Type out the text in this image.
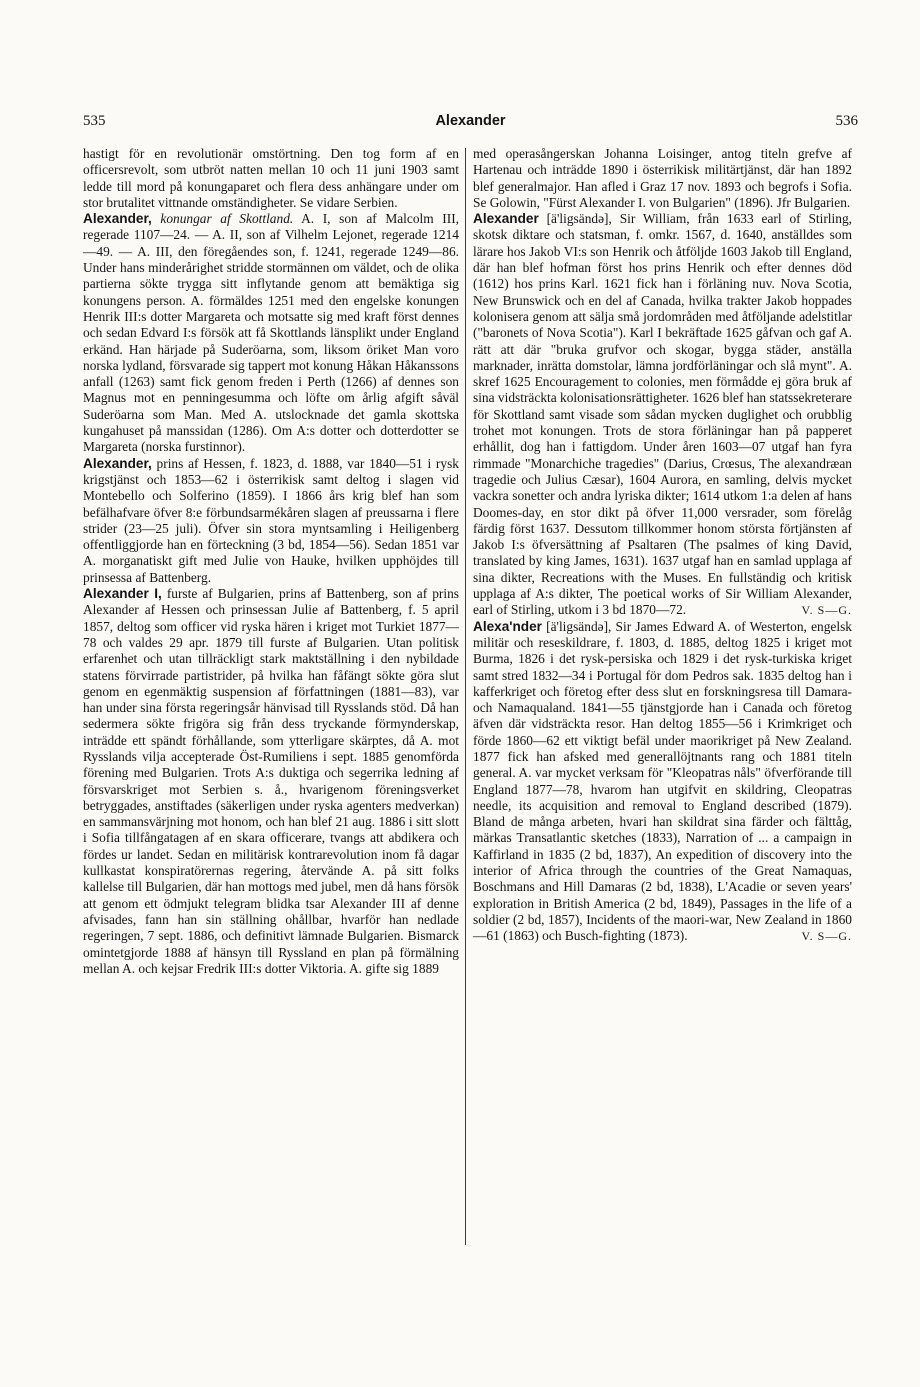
535	Alexander	536

hastigt för en revolutionär omstörtning. Den tog form af en officersrevolt, som utbröt natten mellan 10 och 11 juni 1903 samt ledde till mord på konungaparet och flera dess anhängare under om stor brutalitet vittnande omständigheter. Se vidare Serbien.

Alexander, konungar af Skottland. A. I, son af Malcolm III, regerade 1107—24. — A. II, son af Vilhelm Lejonet, regerade 1214—49. — A. III, den föregåendes son, f. 1241, regerade 1249—86. Under hans minderårighet stridde stormännen om väldet, och de olika partierna sökte trygga sitt inflytande genom att bemäktiga sig konungens person. A. förmäldes 1251 med den engelske konungen Henrik III:s dotter Margareta och motsatte sig med kraft först dennes och sedan Edvard I:s försök att få Skottlands länsplikt under England erkänd. Han härjade på Suderöarna, som, liksom öriket Man voro norska lydland, försvarade sig tappert mot konung Håkan Håkanssons anfall (1263) samt fick genom freden i Perth (1266) af dennes son Magnus mot en penningesumma och löfte om årlig afgift såväl Suderöarna som Man. Med A. utslocknade det gamla skottska kungahuset på manssidan (1286). Om A:s dotter och dotterdotter se Margareta (norska furstinnor).

Alexander, prins af Hessen, f. 1823, d. 1888, var 1840—51 i rysk krigstjänst och 1853—62 i österrikisk samt deltog i slagen vid Montebello och Solferino (1859). I 1866 års krig blef han som befälhafvare öfver 8:e förbundsarmékåren slagen af preussarna i flere strider (23—25 juli). Öfver sin stora myntsamling i Heiligenberg offentliggjorde han en förteckning (3 bd, 1854—56). Sedan 1851 var A. morganatiskt gift med Julie von Hauke, hvilken upphöjdes till prinsessa af Battenberg.

Alexander I, furste af Bulgarien, prins af Battenberg, son af prins Alexander af Hessen och prinsessan Julie af Battenberg, f. 5 april 1857, deltog som officer vid ryska hären i kriget mot Turkiet 1877—78 och valdes 29 apr. 1879 till furste af Bulgarien. Utan politisk erfarenhet och utan tillräckligt stark maktställning i den nybildade statens förvirrade partistrider, på hvilka han fåfängt sökte göra slut genom en egenmäktig suspension af författningen (1881—83), var han under sina första regeringsår hänvisad till Rysslands stöd. Då han sedermera sökte frigöra sig från dess tryckande förmynderskap, inträdde ett spändt förhållande, som ytterligare skärptes, då A. mot Rysslands vilja accepterade Öst-Rumiliens i sept. 1885 genomförda förening med Bulgarien. Trots A:s duktiga och segerrika ledning af försvarskriget mot Serbien s. å., hvarigenom föreningsverket betryggades, anstiftades (säkerligen under ryska agenters medverkan) en sammansvärjning mot honom, och han blef 21 aug. 1886 i sitt slott i Sofia tillfångatagen af en skara officerare, tvangs att abdikera och fördes ur landet. Sedan en militärisk kontrarevolution inom få dagar kullkastat konspiratörernas regering, återvände A. på sitt folks kallelse till Bulgarien, där han mottogs med jubel, men då hans försök att genom ett ödmjukt telegram blidka tsar Alexander III af denne afvisades, fann han sin ställning ohållbar, hvarför han nedlade regeringen, 7 sept. 1886, och definitivt lämnade Bulgarien. Bismarck omintetgjorde 1888 af hänsyn till Ryssland en plan på förmälning mellan A. och kejsar Fredrik III:s dotter Viktoria. A. gifte sig 1889

med operasångerskan Johanna Loisinger, antog titeln grefve af Hartenau och inträdde 1890 i österrikisk militärtjänst, där han 1892 blef generalmajor. Han afled i Graz 17 nov. 1893 och begrofs i Sofia. Se Golowin, "Fürst Alexander I. von Bulgarien" (1896). Jfr Bulgarien.

Alexander [ä'ligsändə], Sir William, från 1633 earl of Stirling, skotsk diktare och statsman, f. omkr. 1567, d. 1640, anställdes som lärare hos Jakob VI:s son Henrik och åtföljde 1603 Jakob till England, där han blef hofman först hos prins Henrik och efter dennes död (1612) hos prins Karl. 1621 fick han i förläning nuv. Nova Scotia, New Brunswick och en del af Canada, hvilka trakter Jakob hoppades kolonisera genom att sälja små jordområden med åtföljande adelstitlar ("baronets of Nova Scotia"). Karl I bekräftade 1625 gåfvan och gaf A. rätt att där "bruka grufvor och skogar, bygga städer, anställa marknader, inrätta domstolar, lämna jordförläningar och slå mynt". A. skref 1625 Encouragement to colonies, men förmådde ej göra bruk af sina vidsträckta kolonisationsrättigheter. 1626 blef han statssekreterare för Skottland samt visade som sådan mycken duglighet och orubblig trohet mot konungen. Trots de stora förläningar han på papperet erhållit, dog han i fattigdom. Under åren 1603—07 utgaf han fyra rimmade "Monarchiche tragedies" (Darius, Crœsus, The alexandræan tragedie och Julius Cæsar), 1604 Aurora, en samling, delvis mycket vackra sonetter och andra lyriska dikter; 1614 utkom 1:a delen af hans Doomes-day, en stor dikt på öfver 11,000 versrader, som förelåg färdig först 1637. Dessutom tillkommer honom största förtjänsten af Jakob I:s öfversättning af Psaltaren (The psalmes of king David, translated by king James, 1631). 1637 utgaf han en samlad upplaga af sina dikter, Recreations with the Muses. En fullständig och kritisk upplaga af A:s dikter, The poetical works of Sir William Alexander, earl of Stirling, utkom i 3 bd 1870—72.	V. S—G.

Alexa'nder [ä'ligsändə], Sir James Edward A. of Westerton, engelsk militär och reseskildrare, f. 1803, d. 1885, deltog 1825 i kriget mot Burma, 1826 i det rysk-persiska och 1829 i det rysk-turkiska kriget samt stred 1832—34 i Portugal för dom Pedros sak. 1835 deltog han i kafferkriget och företog efter dess slut en forskningsresa till Damara- och Namaqualand. 1841—55 tjänstgjorde han i Canada och företog äfven där vidsträckta resor. Han deltog 1855—56 i Krimkriget och förde 1860—62 ett viktigt befäl under maorikriget på New Zealand. 1877 fick han afsked med generallöjtnants rang och 1881 titeln general. A. var mycket verksam för "Kleopatras nåls" öfverförande till England 1877—78, hvarom han utgifvit en skildring, Cleopatras needle, its acquisition and removal to England described (1879). Bland de många arbeten, hvari han skildrat sina färder och fälttåg, märkas Transatlantic sketches (1833), Narration of ... a campaign in Kaffirland in 1835 (2 bd, 1837), An expedition of discovery into the interior of Africa through the countries of the Great Namaquas, Boschmans and Hill Damaras (2 bd, 1838), L'Acadie or seven years' exploration in British America (2 bd, 1849), Passages in the life of a soldier (2 bd, 1857), Incidents of the maori-war, New Zealand in 1860—61 (1863) och Busch-fighting (1873).	V. S—G.
